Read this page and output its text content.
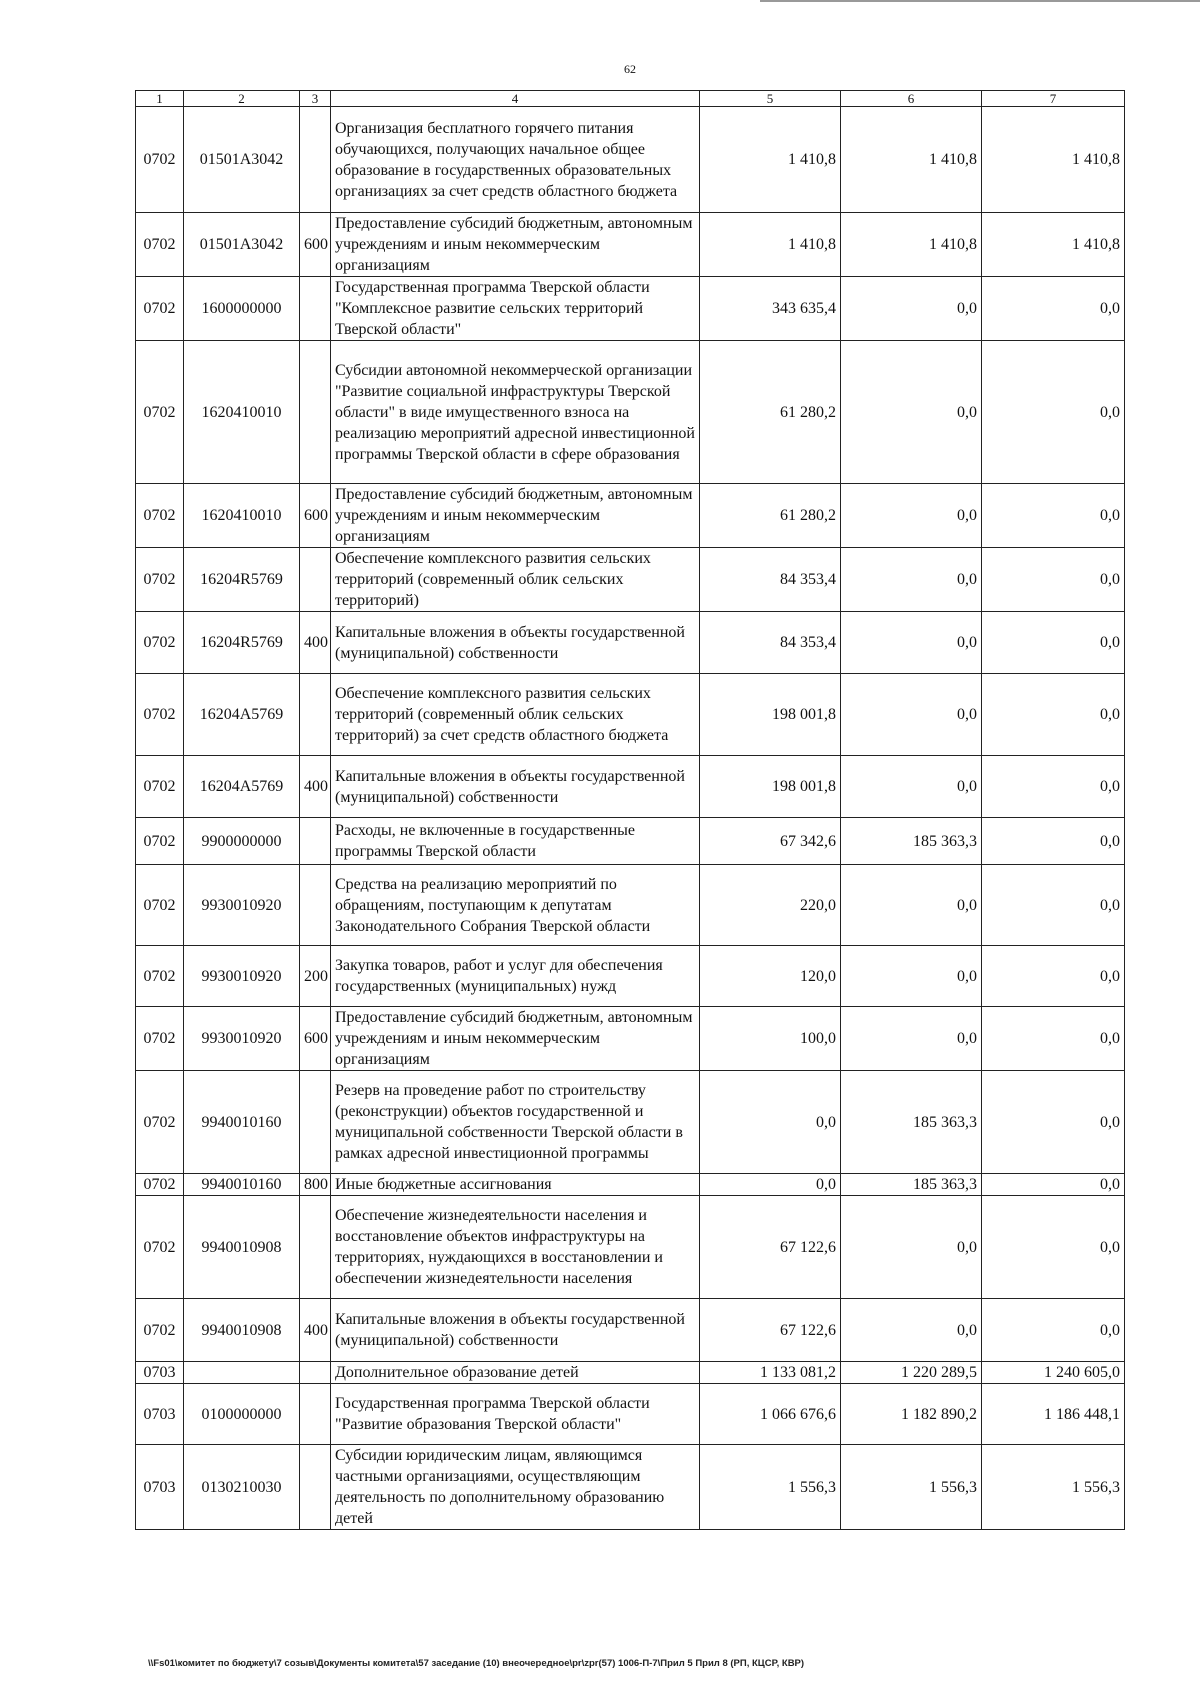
62
1	2	3	4	5	6	7
0702	01501A3042		Организация бесплатного горячего питания обучающихся, получающих начальное общее образование в государственных образовательных организациях за счет средств областного бюджета	1 410,8	1 410,8	1 410,8
0702	01501A3042	600	Предоставление субсидий бюджетным, автономным учреждениям и иным некоммерческим организациям	1 410,8	1 410,8	1 410,8
0702	1600000000		Государственная программа Тверской области "Комплексное развитие сельских территорий Тверской области"	343 635,4	0,0	0,0
0702	1620410010		Субсидии автономной некоммерческой организации "Развитие социальной инфраструктуры Тверской области" в виде имущественного взноса на реализацию мероприятий адресной инвестиционной программы Тверской области в сфере образования	61 280,2	0,0	0,0
0702	1620410010	600	Предоставление субсидий бюджетным, автономным учреждениям и иным некоммерческим организациям	61 280,2	0,0	0,0
0702	16204R5769		Обеспечение комплексного развития сельских территорий (современный облик сельских территорий)	84 353,4	0,0	0,0
0702	16204R5769	400	Капитальные вложения в объекты государственной (муниципальной) собственности	84 353,4	0,0	0,0
0702	16204A5769		Обеспечение комплексного развития сельских территорий (современный облик сельских территорий) за счет средств областного бюджета	198 001,8	0,0	0,0
0702	16204A5769	400	Капитальные вложения в объекты государственной (муниципальной) собственности	198 001,8	0,0	0,0
0702	9900000000		Расходы, не включенные в государственные программы Тверской области	67 342,6	185 363,3	0,0
0702	9930010920		Средства на реализацию мероприятий по обращениям, поступающим к депутатам Законодательного Собрания Тверской области	220,0	0,0	0,0
0702	9930010920	200	Закупка товаров, работ и услуг для обеспечения государственных (муниципальных) нужд	120,0	0,0	0,0
0702	9930010920	600	Предоставление субсидий бюджетным, автономным учреждениям и иным некоммерческим организациям	100,0	0,0	0,0
0702	9940010160		Резерв на проведение работ по строительству (реконструкции) объектов государственной и муниципальной собственности Тверской области в рамках адресной инвестиционной программы	0,0	185 363,3	0,0
0702	9940010160	800	Иные бюджетные ассигнования	0,0	185 363,3	0,0
0702	9940010908		Обеспечение жизнедеятельности населения и восстановление объектов инфраструктуры на территориях, нуждающихся в восстановлении и обеспечении жизнедеятельности населения	67 122,6	0,0	0,0
0702	9940010908	400	Капитальные вложения в объекты государственной (муниципальной) собственности	67 122,6	0,0	0,0
0703			Дополнительное образование детей	1 133 081,2	1 220 289,5	1 240 605,0
0703	0100000000		Государственная программа Тверской области "Развитие образования Тверской области"	1 066 676,6	1 182 890,2	1 186 448,1
0703	0130210030		Субсидии юридическим лицам, являющимся частными организациями, осуществляющим деятельность по дополнительному образованию детей	1 556,3	1 556,3	1 556,3
\\Fs01\комитет по бюджету\7 созыв\Документы комитета\57 заседание (10) внеочередное\pr\zpr(57) 1006-П-7\Прил 5 Прил 8 (РП, КЦСР, КВР)
